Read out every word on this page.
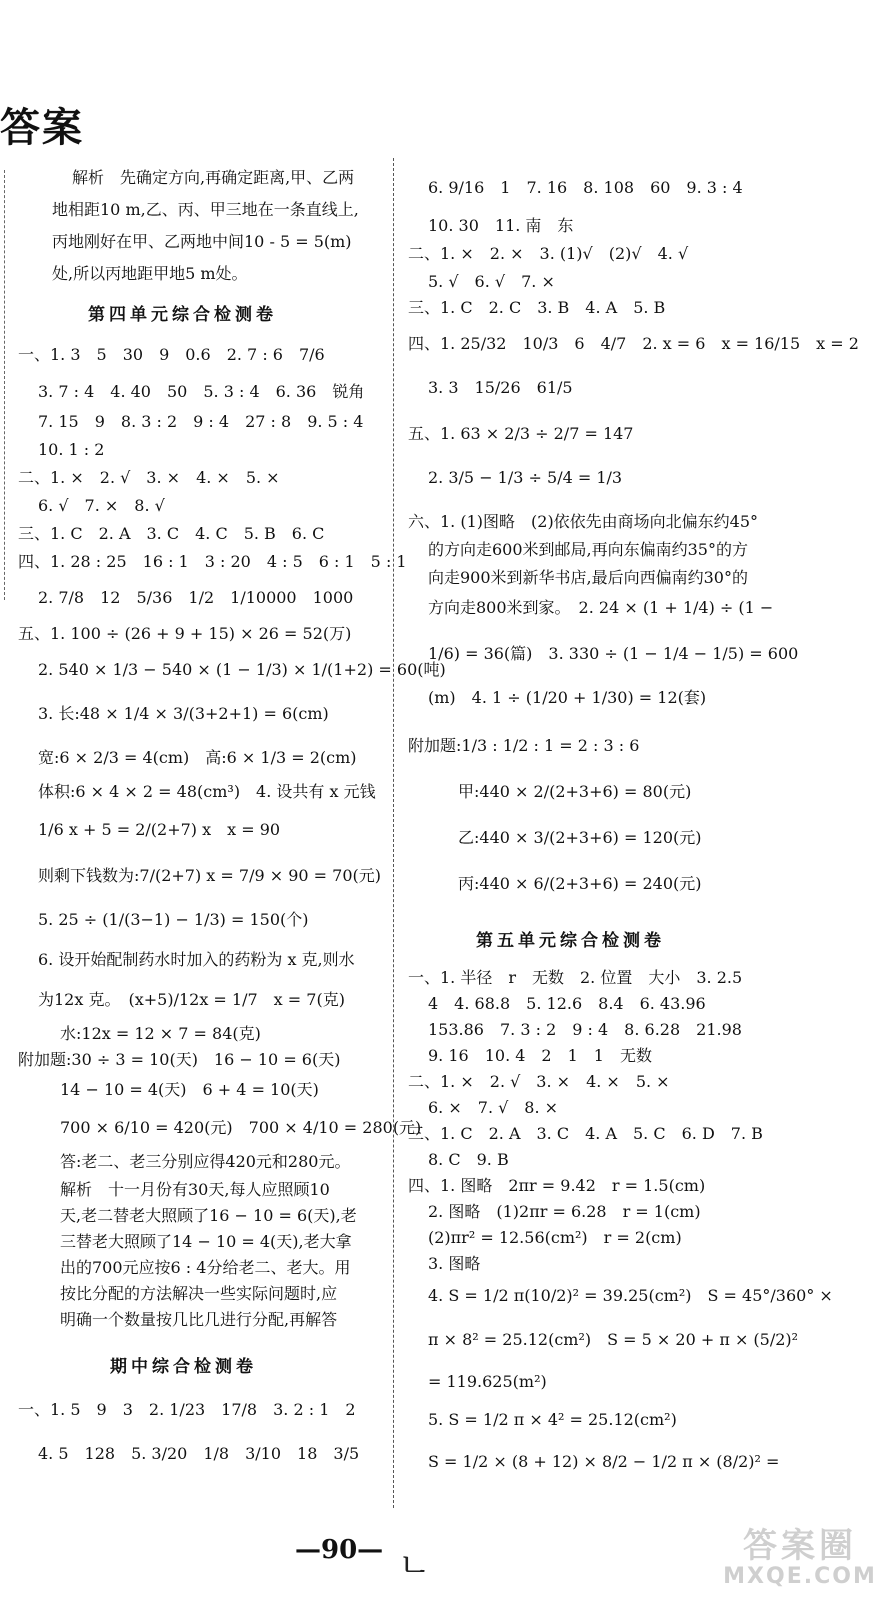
答案
解析　先确定方向,再确定距离,甲、乙两
地相距10 m,乙、丙、甲三地在一条直线上,
丙地刚好在甲、乙两地中间10 - 5 = 5(m)
处,所以丙地距甲地5 m处。
第四单元综合检测卷
一、1. 3　5　30　9　0.6　2. 7 : 6　7/6
3. 7 : 4　4. 40　50　5. 3 : 4　6. 36　锐角
7. 15　9　8. 3 : 2　9 : 4　27 : 8　9. 5 : 4
10. 1 : 2
二、1. ×　2. √　3. ×　4. ×　5. ×
6. √　7. ×　8. √
三、1. C　2. A　3. C　4. C　5. B　6. C
四、1. 28 : 25　16 : 1　3 : 20　4 : 5　6 : 1　5 : 1
2. 7/8　12　5/36　1/2　1/10000　1000
五、1. 100 ÷ (26 + 9 + 15) × 26 = 52(万)
2. 540 × 1/3 − 540 × (1 − 1/3) × 1/(1+2) = 60(吨)
3. 长:48 × 1/4 × 3/(3+2+1) = 6(cm)
宽:6 × 2/3 = 4(cm)　高:6 × 1/3 = 2(cm)
体积:6 × 4 × 2 = 48(cm³)　4. 设共有 x 元钱
1/6 x + 5 = 2/(2+7) x　x = 90
则剩下钱数为:7/(2+7) x = 7/9 × 90 = 70(元)
5. 25 ÷ (1/(3−1) − 1/3) = 150(个)
6. 设开始配制药水时加入的药粉为 x 克,则水
为12x 克。　(x+5)/12x = 1/7　x = 7(克)
水:12x = 12 × 7 = 84(克)
附加题:30 ÷ 3 = 10(天)　16 − 10 = 6(天)
14 − 10 = 4(天)　6 + 4 = 10(天)
700 × 6/10 = 420(元)　700 × 4/10 = 280(元)
答:老二、老三分别应得420元和280元。
解析　十一月份有30天,每人应照顾10
天,老二替老大照顾了16 − 10 = 6(天),老
三替老大照顾了14 − 10 = 4(天),老大拿
出的700元应按6 : 4分给老二、老大。用
按比分配的方法解决一些实际问题时,应
明确一个数量按几比几进行分配,再解答
期中综合检测卷
一、1. 5　9　3　2. 1/23　17/8　3. 2 : 1　2
4. 5　128　5. 3/20　1/8　3/10　18　3/5
6. 9/16　1　7. 16　8. 108　60　9. 3 : 4
10. 30　11. 南　东
二、1. ×　2. ×　3. (1)√　(2)√　4. √
5. √　6. √　7. ×
三、1. C　2. C　3. B　4. A　5. B
四、1. 25/32　10/3　6　4/7　2. x = 6　x = 16/15　x = 2
3. 3　15/26　61/5
五、1. 63 × 2/3 ÷ 2/7 = 147
2. 3/5 − 1/3 ÷ 5/4 = 1/3
六、1. (1)图略　(2)依依先由商场向北偏东约45°
的方向走600米到邮局,再向东偏南约35°的方
向走900米到新华书店,最后向西偏南约30°的
方向走800米到家。　2. 24 × (1 + 1/4) ÷ (1 −
1/6) = 36(篇)　3. 330 ÷ (1 − 1/4 − 1/5) = 600
(m)　4. 1 ÷ (1/20 + 1/30) = 12(套)
附加题:1/3 : 1/2 : 1 = 2 : 3 : 6
甲:440 × 2/(2+3+6) = 80(元)
乙:440 × 3/(2+3+6) = 120(元)
丙:440 × 6/(2+3+6) = 240(元)
第五单元综合检测卷
一、1. 半径　r　无数　2. 位置　大小　3. 2.5
4　4. 68.8　5. 12.6　8.4　6. 43.96
153.86　7. 3 : 2　9 : 4　8. 6.28　21.98
9. 16　10. 4　2　1　1　无数
二、1. ×　2. √　3. ×　4. ×　5. ×
6. ×　7. √　8. ×
三、1. C　2. A　3. C　4. A　5. C　6. D　7. B
8. C　9. B
四、1. 图略　2πr = 9.42　r = 1.5(cm)
2. 图略　(1)2πr = 6.28　r = 1(cm)
(2)πr² = 12.56(cm²)　r = 2(cm)
3. 图略
4. S = 1/2 π(10/2)² = 39.25(cm²)　S = 45°/360° ×
π × 8² = 25.12(cm²)　S = 5 × 20 + π × (5/2)²
= 119.625(m²)
5. S = 1/2 π × 4² = 25.12(cm²)
S = 1/2 × (8 + 12) × 8/2 − 1/2 π × (8/2)² =
—90— ㄴ	答案圈
MXQE.COM
